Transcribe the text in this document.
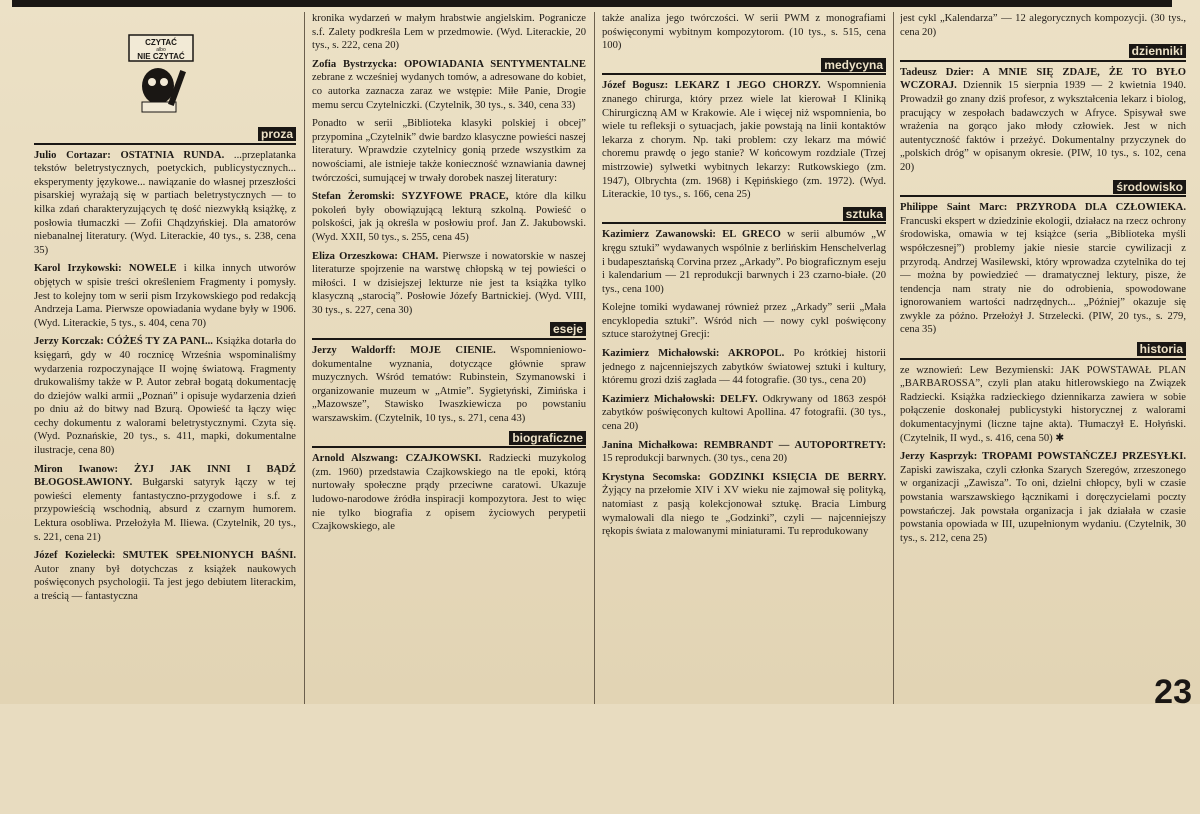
CZYTAĆ
albo
NIE CZYTAĆ
proza

Julio Cortazar: OSTATNIA RUNDA. ...przeplatanka tekstów beletrystycznych, poetyckich, publicystycznych... eksperymenty językowe... nawiązanie do własnej przeszłości pisarskiej wyrażają się w partiach beletrystycznych — to kilka zdań charakteryzujących tę dość niezwykłą książkę, z posłowia tłumaczki — Zofii Chądzyńskiej. Dla amatorów niebanalnej literatury. (Wyd. Literackie, 40 tys., s. 238, cena 35)

Karol Irzykowski: NOWELE i kilka innych utworów objętych w spisie treści określeniem Fragmenty i pomysły. Jest to kolejny tom w serii pism Irzykowskiego pod redakcją Andrzeja Lama. Pierwsze opowiadania wydane były w 1906. (Wyd. Literackie, 5 tys., s. 404, cena 70)

Jerzy Korczak: CÓŻEŚ TY ZA PANI... Książka dotarła do księgarń, gdy w 40 rocznicę Września wspominaliśmy wydarzenia rozpoczynające II wojnę światową. Fragmenty drukowaliśmy także w P. Autor zebrał bogatą dokumentację do dziejów walki armii „Poznań” i opisuje wydarzenia dzień po dniu aż do bitwy nad Bzurą. Opowieść ta łączy więc cechy dokumentu z walorami beletrystycznymi. Czyta się. (Wyd. Poznańskie, 20 tys., s. 411, mapki, dokumentalne ilustracje, cena 80)

Miron Iwanow: ŻYJ JAK INNI I BĄDŹ BŁOGOSŁAWIONY. Bułgarski satyryk łączy w tej powieści elementy fantastyczno-przygodowe i s.f. z przypowieścią wschodnią, absurd z czarnym humorem. Lektura osobliwa. Przełożyła M. Iliewa. (Czytelnik, 20 tys., s. 221, cena 21)

Józef Kozielecki: SMUTEK SPEŁNIONYCH BAŚNI. Autor znany był dotychczas z książek naukowych poświęconych psychologii. Ta jest jego debiutem literackim, a treścią — fantastyczna

kronika wydarzeń w małym hrabstwie angielskim. Pogranicze s.f. Zalety podkreśla Lem w przedmowie. (Wyd. Literackie, 20 tys., s. 222, cena 20)

Zofia Bystrzycka: OPOWIADANIA SENTYMENTALNE zebrane z wcześniej wydanych tomów, a adresowane do kobiet, co autorka zaznacza zaraz we wstępie: Miłe Panie, Drogie memu sercu Czytelniczki. (Czytelnik, 30 tys., s. 340, cena 33)

Ponadto w serii „Biblioteka klasyki polskiej i obcej” przypomina „Czytelnik” dwie bardzo klasyczne powieści naszej literatury. Wprawdzie czytelnicy gonią przede wszystkim za nowościami, ale istnieje także konieczność wznawiania dawnej twórczości, sumującej w trwały dorobek naszej literatury:

Stefan Żeromski: SYZYFOWE PRACE, które dla kilku pokoleń były obowiązującą lekturą szkolną. Powieść o polskości, jak ją określa w posłowiu prof. Jan Z. Jakubowski. (Wyd. XXII, 50 tys., s. 255, cena 45)

Eliza Orzeszkowa: CHAM. Pierwsze i nowatorskie w naszej literaturze spojrzenie na warstwę chłopską w tej powieści o miłości. I w dzisiejszej lekturze nie jest ta książka tylko klasyczną „starocią”. Posłowie Józefy Bartnickiej. (Wyd. VIII, 30 tys., s. 227, cena 30)

eseje

Jerzy Waldorff: MOJE CIENIE. Wspomnieniowo-dokumentalne wyznania, dotyczące głównie spraw muzycznych. Wśród tematów: Rubinstein, Szymanowski i organizowanie muzeum w „Atmie”. Sygietyński, Zimińska i „Mazowsze”, Stawisko Iwaszkiewicza po powstaniu warszawskim. (Czytelnik, 10 tys., s. 271, cena 43)

biograficzne

Arnold Alszwang: CZAJKOWSKI. Radziecki muzykolog (zm. 1960) przedstawia Czajkowskiego na tle epoki, którą nurtowały społeczne prądy przeciwne caratowi. Ukazuje ludowo-narodowe źródła inspiracji kompozytora. Jest to więc nie tylko biografia z opisem życiowych perypetii Czajkowskiego, ale

także analiza jego twórczości. W serii PWM z monografiami poświęconymi wybitnym kompozytorom. (10 tys., s. 515, cena 100)

medycyna

Józef Bogusz: LEKARZ I JEGO CHORZY. Wspomnienia znanego chirurga, który przez wiele lat kierował I Kliniką Chirurgiczną AM w Krakowie. Ale i więcej niż wspomnienia, bo wiele tu refleksji o sytuacjach, jakie powstają na linii kontaktów lekarza z chorym. Np. taki problem: czy lekarz ma mówić choremu prawdę o jego stanie? W końcowym rozdziale (Trzej mistrzowie) sylwetki wybitnych lekarzy: Rutkowskiego (zm. 1947), Olbrychta (zm. 1968) i Kępińskiego (zm. 1972). (Wyd. Literackie, 10 tys., s. 166, cena 25)

sztuka

Kazimierz Zawanowski: EL GRECO w serii albumów „W kręgu sztuki” wydawanych wspólnie z berlińskim Henschelverlag i budapesztańską Corvina przez „Arkady”. Po biograficznym eseju i kalendarium — 21 reprodukcji barwnych i 23 czarno-białe. (20 tys., cena 100)

Kolejne tomiki wydawanej również przez „Arkady” serii „Mała encyklopedia sztuki”. Wśród nich — nowy cykl poświęcony sztuce starożytnej Grecji:

Kazimierz Michałowski: AKROPOL. Po krótkiej historii jednego z najcenniejszych zabytków światowej sztuki i kultury, któremu grozi dziś zagłada — 44 fotografie. (30 tys., cena 20)

Kazimierz Michałowski: DELFY. Odkrywany od 1863 zespół zabytków poświęconych kultowi Apollina. 47 fotografii. (30 tys., cena 20)

Janina Michałkowa: REMBRANDT — AUTOPORTRETY: 15 reprodukcji barwnych. (30 tys., cena 20)

Krystyna Secomska: GODZINKI KSIĘCIA DE BERRY. Żyjący na przełomie XIV i XV wieku nie zajmował się polityką, natomiast z pasją kolekcjonował sztukę. Bracia Limburg wymalowali dla niego te „Godzinki”, czyli — najcenniejszy rękopis świata z malowanymi miniaturami. Tu reprodukowany

jest cykl „Kalendarza” — 12 alegorycznych kompozycji. (30 tys., cena 20)

dzienniki

Tadeusz Dzier: A MNIE SIĘ ZDAJE, ŻE TO BYŁO WCZORAJ. Dziennik 15 sierpnia 1939 — 2 kwietnia 1940. Prowadził go znany dziś profesor, z wykształcenia lekarz i biolog, pracujący w zespołach badawczych w Afryce. Spisywał swe wrażenia na gorąco jako młody człowiek. Jest w nich autentyczność faktów i przeżyć. Dokumentalny przyczynek do „polskich dróg” w opisanym okresie. (PIW, 10 tys., s. 102, cena 20)

środowisko

Philippe Saint Marc: PRZYRODA DLA CZŁOWIEKA. Francuski ekspert w dziedzinie ekologii, działacz na rzecz ochrony środowiska, omawia w tej książce (seria „Biblioteka myśli współczesnej”) problemy jakie niesie starcie cywilizacji z przyrodą. Andrzej Wasilewski, który wprowadza czytelnika do tej — można by powiedzieć — dramatycznej lektury, pisze, że tendencja nam straty nie do odrobienia, spowodowane ignorowaniem wartości nadrzędnych... „Później” okazuje się zwykle za późno. Przełożył J. Strzelecki. (PIW, 20 tys., s. 279, cena 35)

historia

ze wznowień: Lew Bezymienski: JAK POWSTAWAŁ PLAN „BARBAROSSA”, czyli plan ataku hitlerowskiego na Związek Radziecki. Książka radzieckiego dziennikarza zawiera w sobie połączenie doskonałej publicystyki historycznej z walorami dokumentacyjnymi (liczne tajne akta). Tłumaczył E. Hołyński. (Czytelnik, II wyd., s. 416, cena 50) ✱

Jerzy Kasprzyk: TROPAMI POWSTAŃCZEJ PRZESYŁKI. Zapiski zawiszaka, czyli członka Szarych Szeregów, zrzeszonego w organizacji „Zawisza”. To oni, dzielni chłopcy, byli w czasie powstania warszawskiego łącznikami i doręczycielami poczty powstańczej. Jak powstała organizacja i jak działała w czasie powstania opowiada w III, uzupełnionym wydaniu. (Czytelnik, 30 tys., s. 212, cena 25)

23
